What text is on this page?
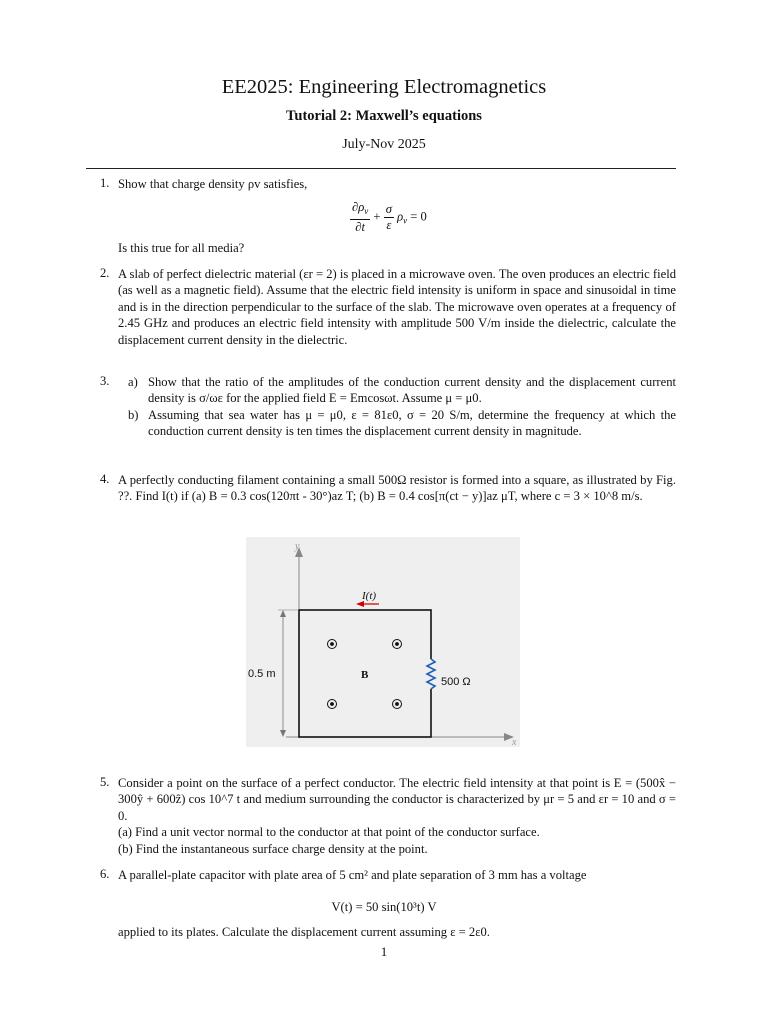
EE2025: Engineering Electromagnetics
Tutorial 2: Maxwell’s equations
July-Nov 2025
1. Show that charge density ρv satisfies,
$\frac{\partial\rho_v}{\partial t} + \frac{\sigma}{\varepsilon} \rho_v = 0$
Is this true for all media?
2. A slab of perfect dielectric material (εr = 2) is placed in a microwave oven. The oven produces an electric field (as well as a magnetic field). Assume that the electric field intensity is uniform in space and sinusoidal in time and is in the direction perpendicular to the surface of the slab. The microwave oven operates at a frequency of 2.45 GHz and produces an electric field intensity with amplitude 500 V/m inside the dielectric, calculate the displacement current density in the dielectric.
3. a) Show that the ratio of the amplitudes of the conduction current density and the displacement current density is σ/ωε for the applied field E = Emcosωt. Assume μ = μ0.
b) Assuming that sea water has μ = μ0, ε = 81ε0, σ = 20 S/m, determine the frequency at which the conduction current density is ten times the displacement current density in magnitude.
4. A perfectly conducting filament containing a small 500Ω resistor is formed into a square, as illustrated by Fig. ??. Find I(t) if (a) B = 0.3 cos(120πt - 30°)az T; (b) B = 0.4 cos[π(ct − y)]az μT, where c = 3 × 10^8 m/s.
y
x
500 Ω
I(t)
0.5 m	B
5. Consider a point on the surface of a perfect conductor. The electric field intensity at that point is E = (500x̂ − 300ŷ + 600ẑ) cos 10^7 t and medium surrounding the conductor is characterized by μr = 5 and εr = 10 and σ = 0.
(a) Find a unit vector normal to the conductor at that point of the conductor surface.
(b) Find the instantaneous surface charge density at the point.
6. A parallel-plate capacitor with plate area of 5 cm² and plate separation of 3 mm has a voltage
V(t) = 50 sin(10³t) V
applied to its plates. Calculate the displacement current assuming ε = 2ε0.
1
